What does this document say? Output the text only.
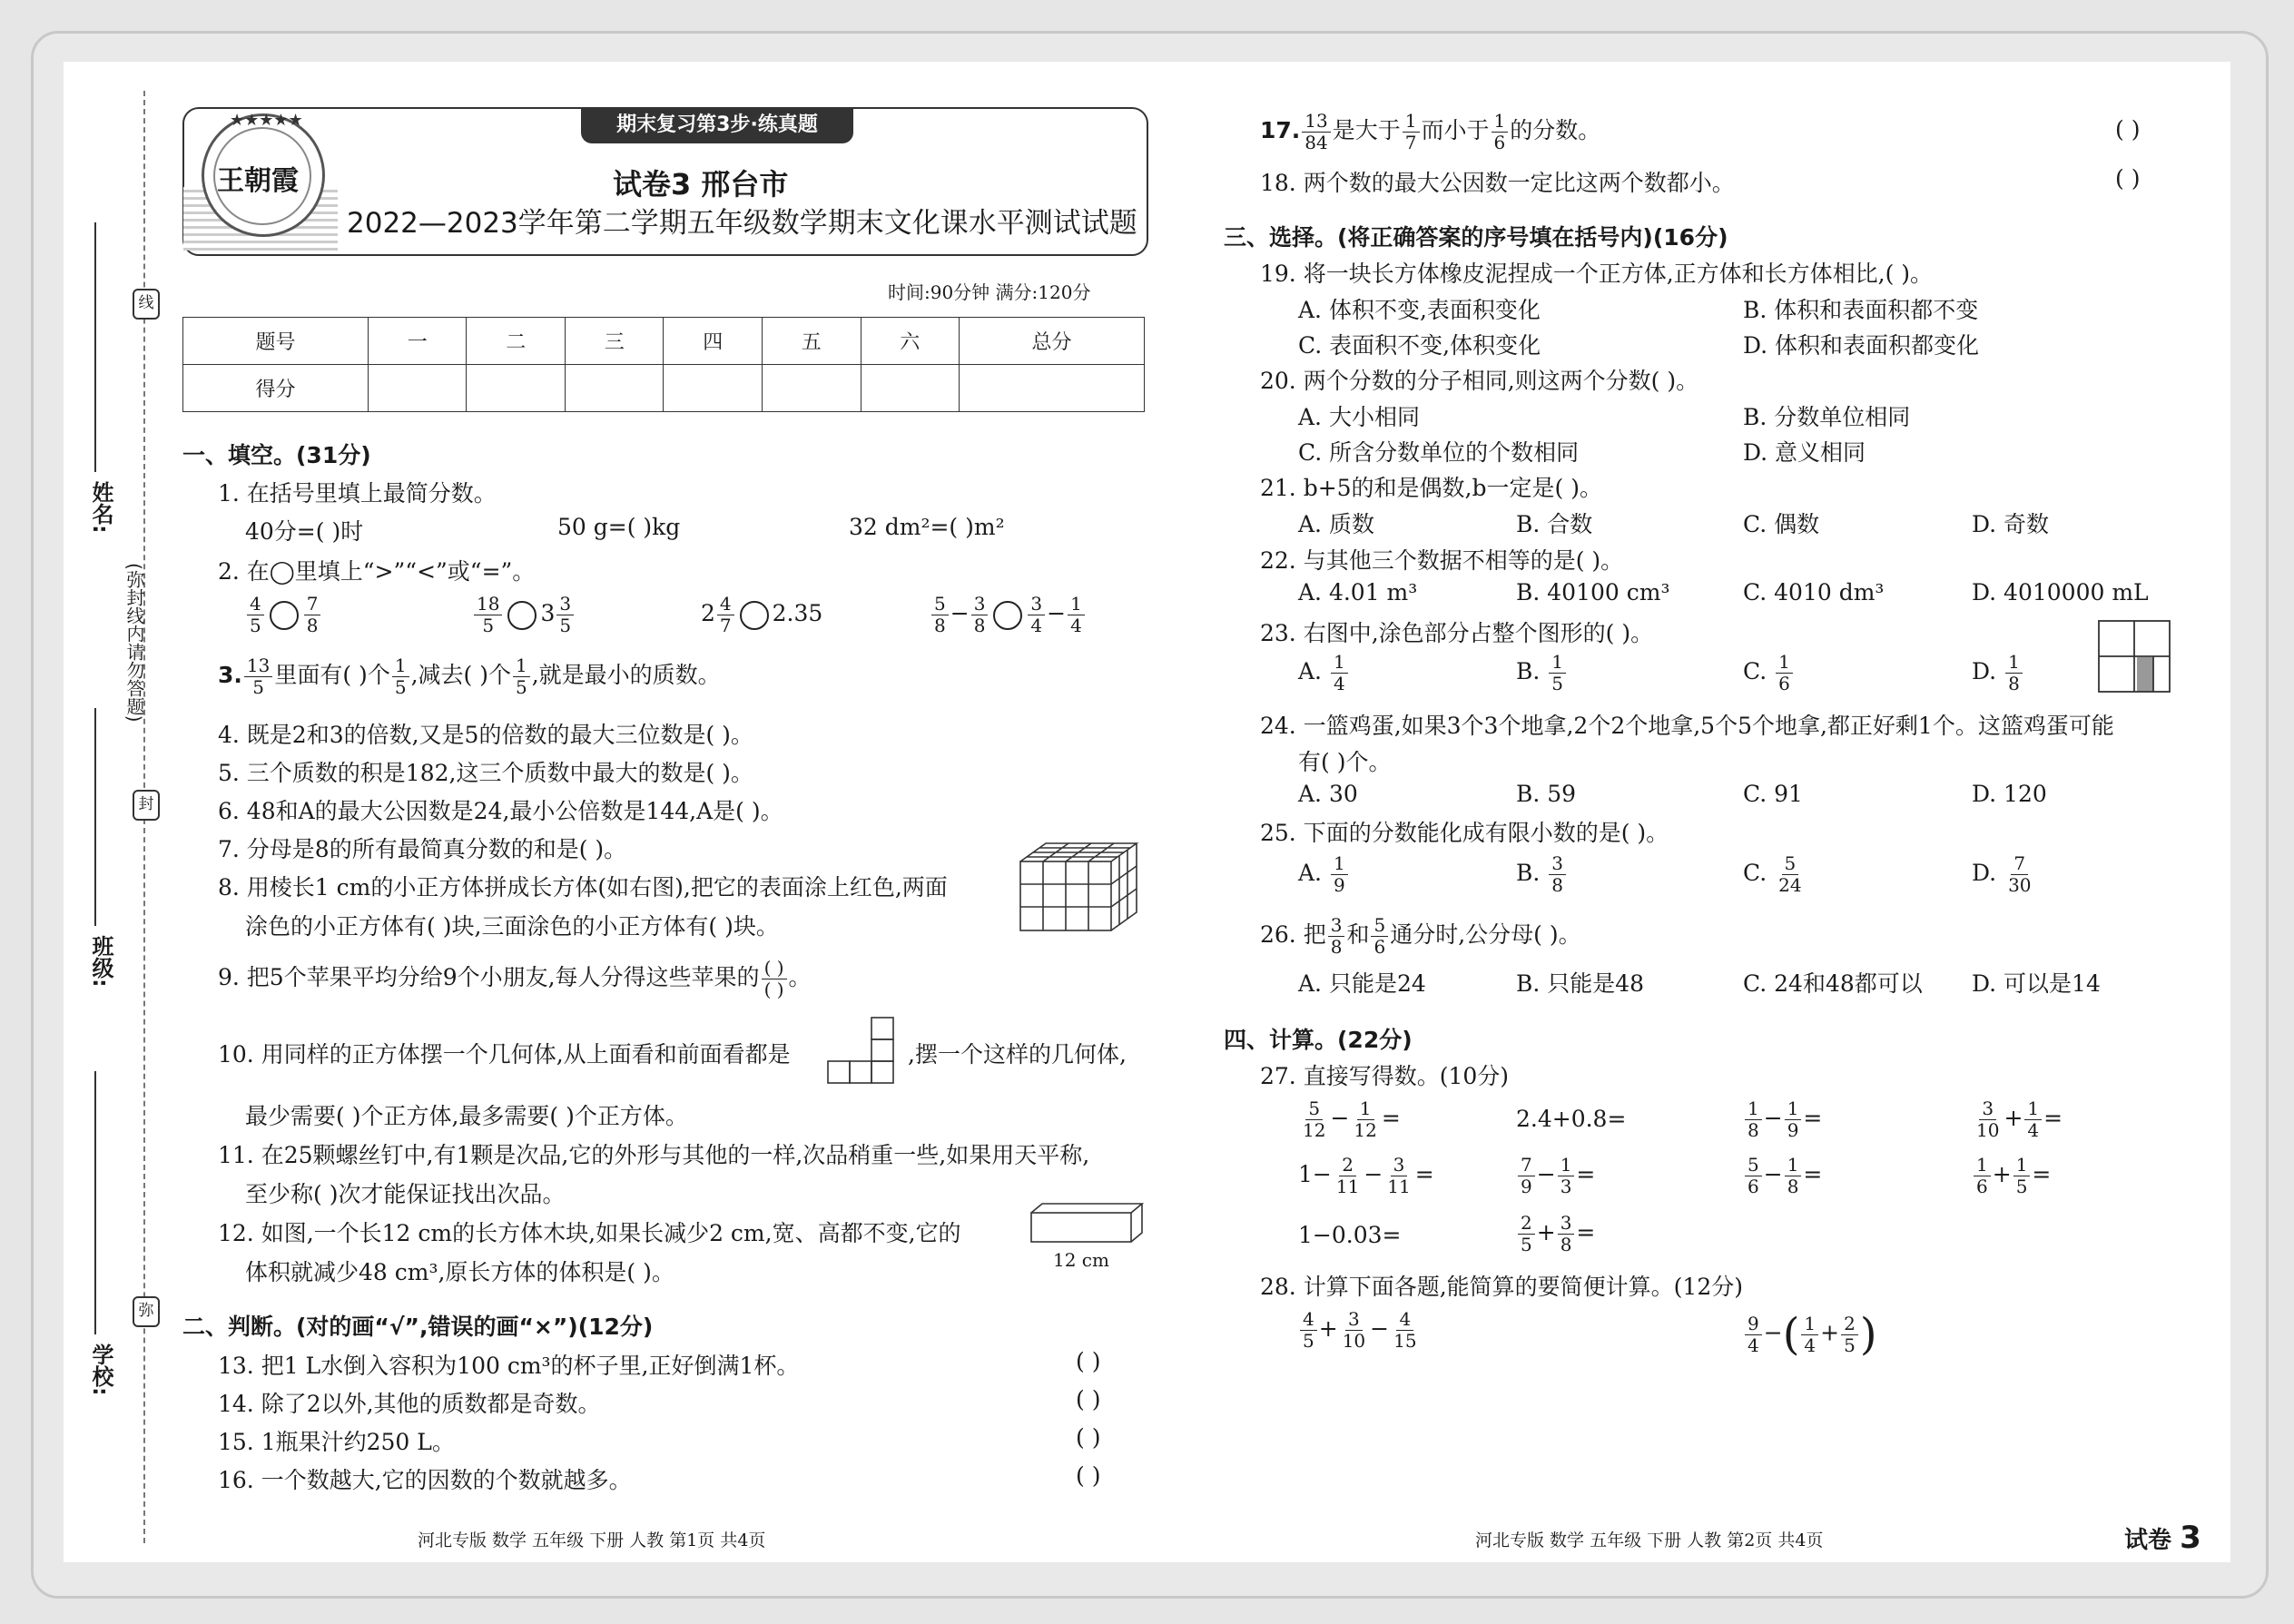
线
封
弥
(弥封线内请勿答题)
姓名:
班级:
学校:
王朝霞
★★★★★	期末复习第3步·练真题
试卷3 邢台市
2022—2023学年第二学期五年级数学期末文化课水平测试试题
时间:90分钟 满分:120分
题号	一	二	三	四	五	六	总分
得分							
一、填空。(31分)
1. 在括号里填上最简分数。
40分=( )时	50 g=( )kg	32 dm²=( )m²
2. 在◯里填上“>”“<”或“=”。
$\frac{4}{5} \frac{7}{8}$	$\frac{18}{5} 3 \frac{3}{5}$	$2 \frac{4}{7} 2.35$	$\frac{5}{8} - \frac{3}{8} \frac{3}{4} - \frac{1}{4}$
3. $\frac{13}{5}$ 里面有( )个 $\frac{1}{5}$ ,减去( )个 $\frac{1}{5}$ ,就是最小的质数。
4. 既是2和3的倍数,又是5的倍数的最大三位数是( )。
5. 三个质数的积是182,这三个质数中最大的数是( )。
6. 48和A的最大公因数是24,最小公倍数是144,A是( )。
7. 分母是8的所有最简真分数的和是( )。
8. 用棱长1 cm的小正方体拼成长方体(如右图),把它的表面涂上红色,两面
涂色的小正方体有( )块,三面涂色的小正方体有( )块。
9. 把5个苹果平均分给9个小朋友,每人分得这些苹果的 ( )
( ) 。
10. 用同样的正方体摆一个几何体,从上面看和前面看都是	,摆一个这样的几何体,
最少需要( )个正方体,最多需要( )个正方体。
11. 在25颗螺丝钉中,有1颗是次品,它的外形与其他的一样,次品稍重一些,如果用天平称,
至少称( )次才能保证找出次品。
12. 如图,一个长12 cm的长方体木块,如果长减少2 cm,宽、高都不变,它的
体积就减少48 cm³,原长方体的体积是( )。	12 cm
二、判断。(对的画“√”,错误的画“×”)(12分)
13. 把1 L水倒入容积为100 cm³的杯子里,正好倒满1杯。	( )
14. 除了2以外,其他的质数都是奇数。	( )
15. 1瓶果汁约250 L。	( )
16. 一个数越大,它的因数的个数就越多。	( )
河北专版 数学 五年级 下册 人教 第1页 共4页
17. $\frac{13}{84}$ 是大于 $\frac{1}{7}$ 而小于 $\frac{1}{6}$ 的分数。	( )
18. 两个数的最大公因数一定比这两个数都小。	( )
三、选择。(将正确答案的序号填在括号内)(16分)
19. 将一块长方体橡皮泥捏成一个正方体,正方体和长方体相比,( )。
A. 体积不变,表面积变化	B. 体积和表面积都不变
C. 表面积不变,体积变化	D. 体积和表面积都变化
20. 两个分数的分子相同,则这两个分数( )。
A. 大小相同	B. 分数单位相同
C. 所含分数单位的个数相同	D. 意义相同
21. b+5的和是偶数,b一定是( )。
A. 质数	B. 合数	C. 偶数	D. 奇数
22. 与其他三个数据不相等的是( )。
A. 4.01 m³	B. 40100 cm³	C. 4010 dm³	D. 4010000 mL
23. 右图中,涂色部分占整个图形的( )。
A. $\frac{1}{4}$	B. $\frac{1}{5}$	C. $\frac{1}{6}$	D. $\frac{1}{8}$
24. 一篮鸡蛋,如果3个3个地拿,2个2个地拿,5个5个地拿,都正好剩1个。这篮鸡蛋可能
有( )个。
A. 30	B. 59	C. 91	D. 120
25. 下面的分数能化成有限小数的是( )。
A. $\frac{1}{9}$	B. $\frac{3}{8}$	C. $\frac{5}{24}$	D. $\frac{7}{30}$
26. 把 $\frac{3}{8}$ 和 $\frac{5}{6}$ 通分时,公分母( )。
A. 只能是24	B. 只能是48	C. 24和48都可以 D. 可以是14
四、计算。(22分)
27. 直接写得数。(10分)
$\frac{5}{12} - \frac{1}{12}$ =	2.4+0.8=	$\frac{1}{8} - \frac{1}{9}$ =	$\frac{3}{10} + \frac{1}{4}$ =
$1- \frac{2}{11} - \frac{3}{11}$ =	$\frac{7}{9} - \frac{1}{3}$ =	$\frac{5}{6} - \frac{1}{8}$ =	$\frac{1}{6} + \frac{1}{5}$ =
1−0.03=	$\frac{2}{5} + \frac{3}{8}$ =
28. 计算下面各题,能简算的要简便计算。(12分)
$\frac{4}{5} + \frac{3}{10} - \frac{4}{15}$	$\frac{9}{4}$ −( $\frac{1}{4} + \frac{2}{5}$ )
河北专版 数学 五年级 下册 人教 第2页 共4页	试卷 3
